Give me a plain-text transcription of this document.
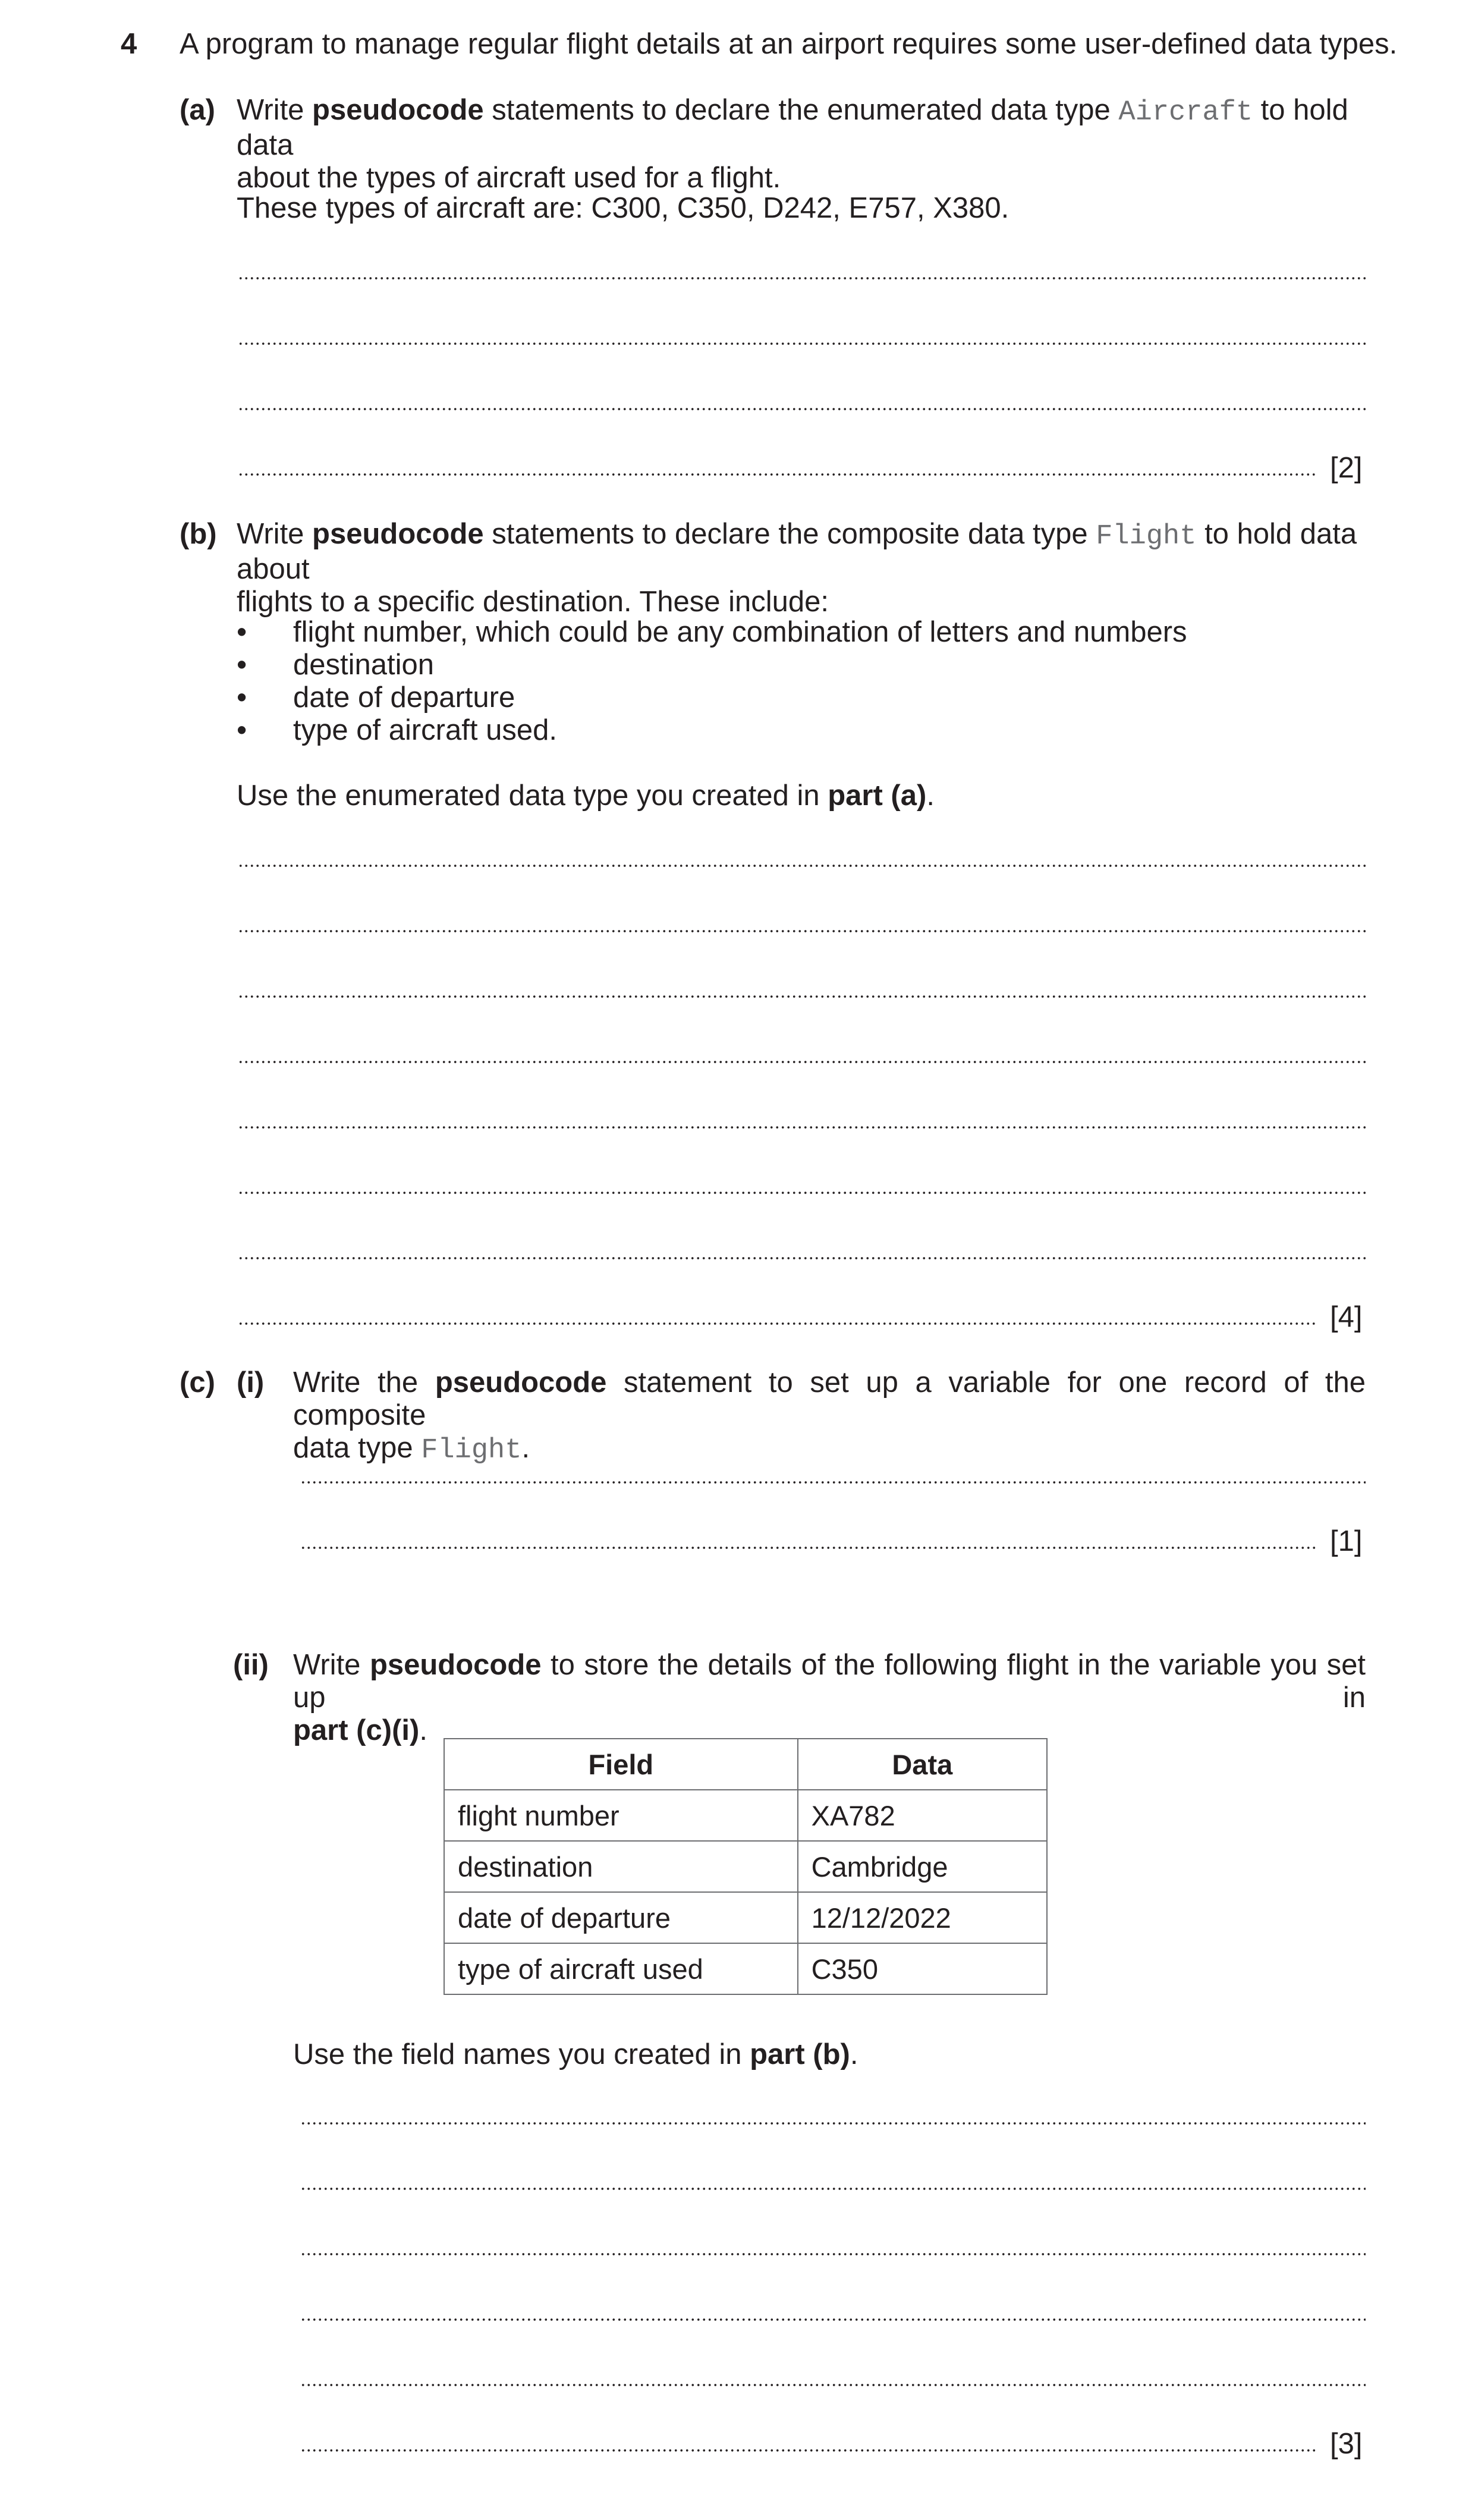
4 A program to manage regular flight details at an airport requires some user-defined data types.
(a) Write pseudocode statements to declare the enumerated data type Aircraft to hold data
about the types of aircraft used for a flight.
These types of aircraft are: C300, C350, D242, E757, X380.
[2]
(b) Write pseudocode statements to declare the composite data type Flight to hold data about
flights to a specific destination. These include:
• flight number, which could be any combination of letters and numbers
• destination
• date of departure
• type of aircraft used.
Use the enumerated data type you created in part (a).
[4]
(c) (i) Write the pseudocode statement to set up a variable for one record of the composite
data type Flight.
[1]
(ii) Write pseudocode to store the details of the following flight in the variable you set up in
part (c)(i).
Field	Data
flight number	XA782
destination	Cambridge
date of departure	12/12/2022
type of aircraft used	C350
Use the field names you created in part (b).
[3]
